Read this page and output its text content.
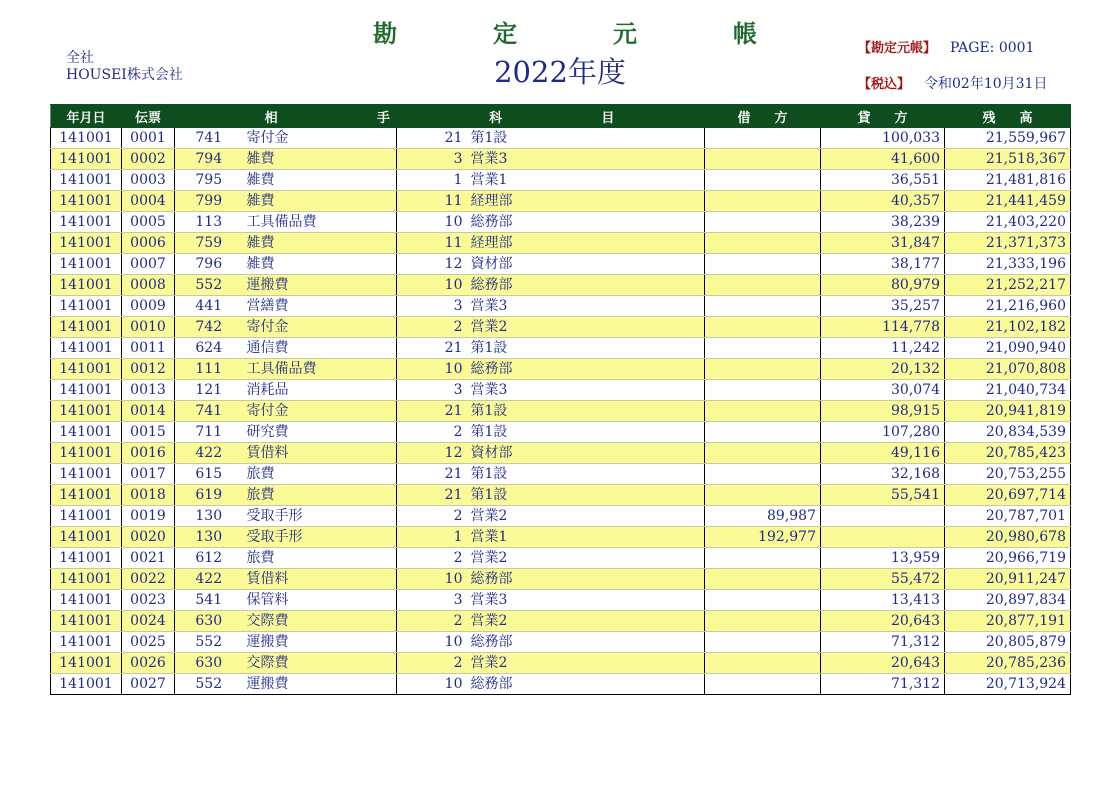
全社
HOUSEI株式会社
勘	定	元	帳
2022年度
【勘定元帳】 PAGE: 0001
【税込】 令和02年10月31日
年月日	伝票	相 手 科 目				借 方	貸 方	残 高

141001	0001	741	寄付金	21	第1設		100,033	21,559,967
141001	0002	794	雑費	3	営業3		41,600	21,518,367
141001	0003	795	雑費	1	営業1		36,551	21,481,816
141001	0004	799	雑費	11	経理部		40,357	21,441,459
141001	0005	113	工具備品費	10	総務部		38,239	21,403,220
141001	0006	759	雑費	11	経理部		31,847	21,371,373
141001	0007	796	雑費	12	資材部		38,177	21,333,196
141001	0008	552	運搬費	10	総務部		80,979	21,252,217
141001	0009	441	営繕費	3	営業3		35,257	21,216,960
141001	0010	742	寄付金	2	営業2		114,778	21,102,182
141001	0011	624	通信費	21	第1設		11,242	21,090,940
141001	0012	111	工具備品費	10	総務部		20,132	21,070,808
141001	0013	121	消耗品	3	営業3		30,074	21,040,734
141001	0014	741	寄付金	21	第1設		98,915	20,941,819
141001	0015	711	研究費	2	第1設		107,280	20,834,539
141001	0016	422	賃借料	12	資材部		49,116	20,785,423
141001	0017	615	旅費	21	第1設		32,168	20,753,255
141001	0018	619	旅費	21	第1設		55,541	20,697,714
141001	0019	130	受取手形	2	営業2	89,987		20,787,701
141001	0020	130	受取手形	1	営業1	192,977		20,980,678
141001	0021	612	旅費	2	営業2		13,959	20,966,719
141001	0022	422	賃借料	10	総務部		55,472	20,911,247
141001	0023	541	保管料	3	営業3		13,413	20,897,834
141001	0024	630	交際費	2	営業2		20,643	20,877,191
141001	0025	552	運搬費	10	総務部		71,312	20,805,879
141001	0026	630	交際費	2	営業2		20,643	20,785,236
141001	0027	552	運搬費	10	総務部		71,312	20,713,924
